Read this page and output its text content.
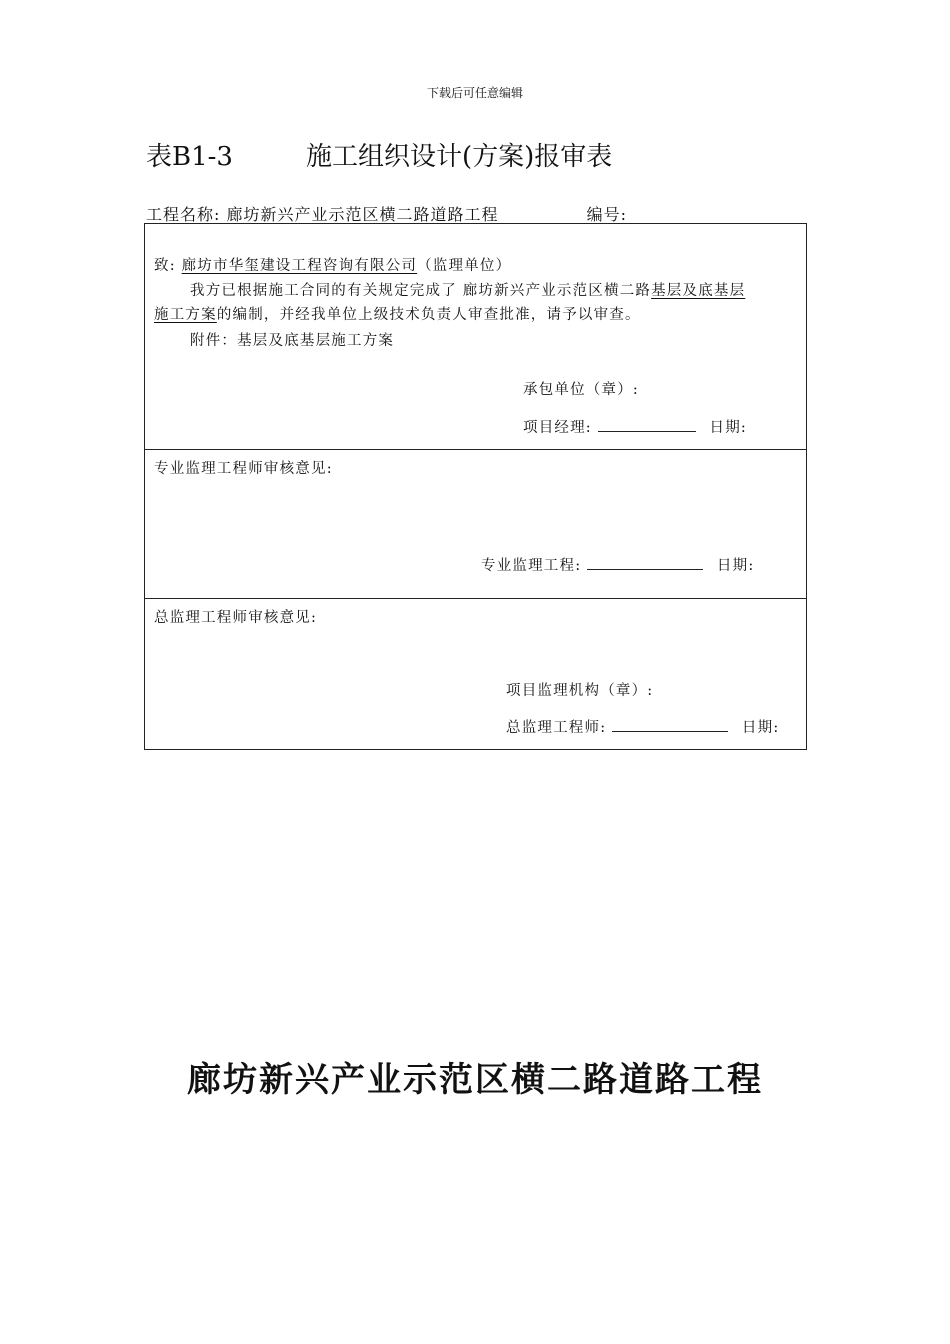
下载后可任意编辑
表B1-3	施工组织设计(方案)报审表
工程名称: 廊坊新兴产业示范区横二路道路工程	编号:
致: 廊坊市华玺建设工程咨询有限公司（监理单位）
我方已根据施工合同的有关规定完成了 廊坊新兴产业示范区横二路基层及底基层
施工方案的编制，并经我单位上级技术负责人审查批准，请予以审查。
附件：基层及底基层施工方案
承包单位（章）:
项目经理:	日期:
专业监理工程师审核意见:
专业监理工程:	日期:
总监理工程师审核意见:
项目监理机构（章）:
总监理工程师:	日期:
廊坊新兴产业示范区横二路道路工程
